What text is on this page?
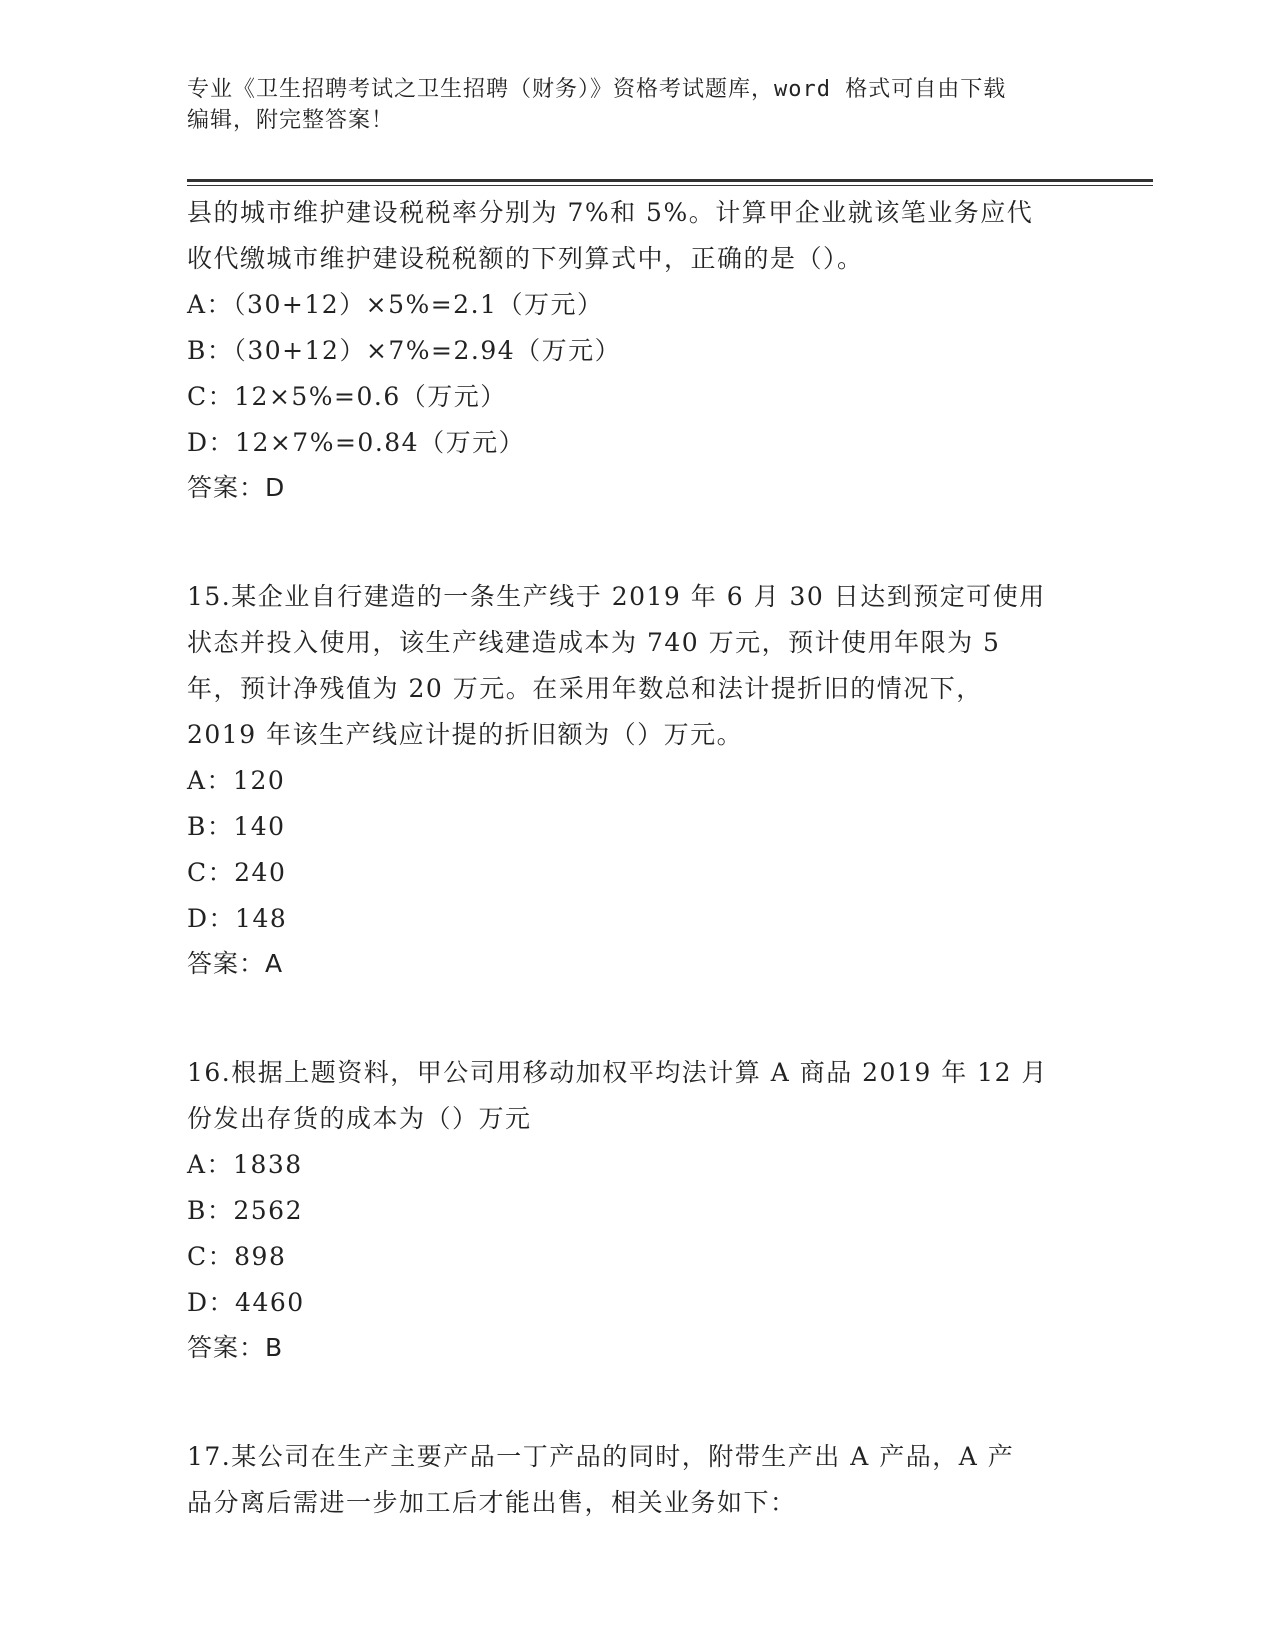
专业《卫生招聘考试之卫生招聘（财务）》资格考试题库，word 格式可自由下载
编辑，附完整答案！

县的城市维护建设税税率分别为 7%和 5%。计算甲企业就该笔业务应代

收代缴城市维护建设税税额的下列算式中，正确的是（）。

A：（30+12）×5%=2.1（万元）

B：（30+12）×7%=2.94（万元）

C：12×5%=0.6（万元）

D：12×7%=0.84（万元）

答案：D

15.某企业自行建造的一条生产线于 2019 年 6 月 30 日达到预定可使用

状态并投入使用，该生产线建造成本为 740 万元，预计使用年限为 5

年，预计净残值为 20 万元。在采用年数总和法计提折旧的情况下，

2019 年该生产线应计提的折旧额为（）万元。

A：120

B：140

C：240

D：148

答案：A

16.根据上题资料，甲公司用移动加权平均法计算 A 商品 2019 年 12 月

份发出存货的成本为（）万元

A：1838

B：2562

C：898

D：4460

答案：B

17.某公司在生产主要产品一丁产品的同时，附带生产出 A 产品，A 产

品分离后需进一步加工后才能出售，相关业务如下：
